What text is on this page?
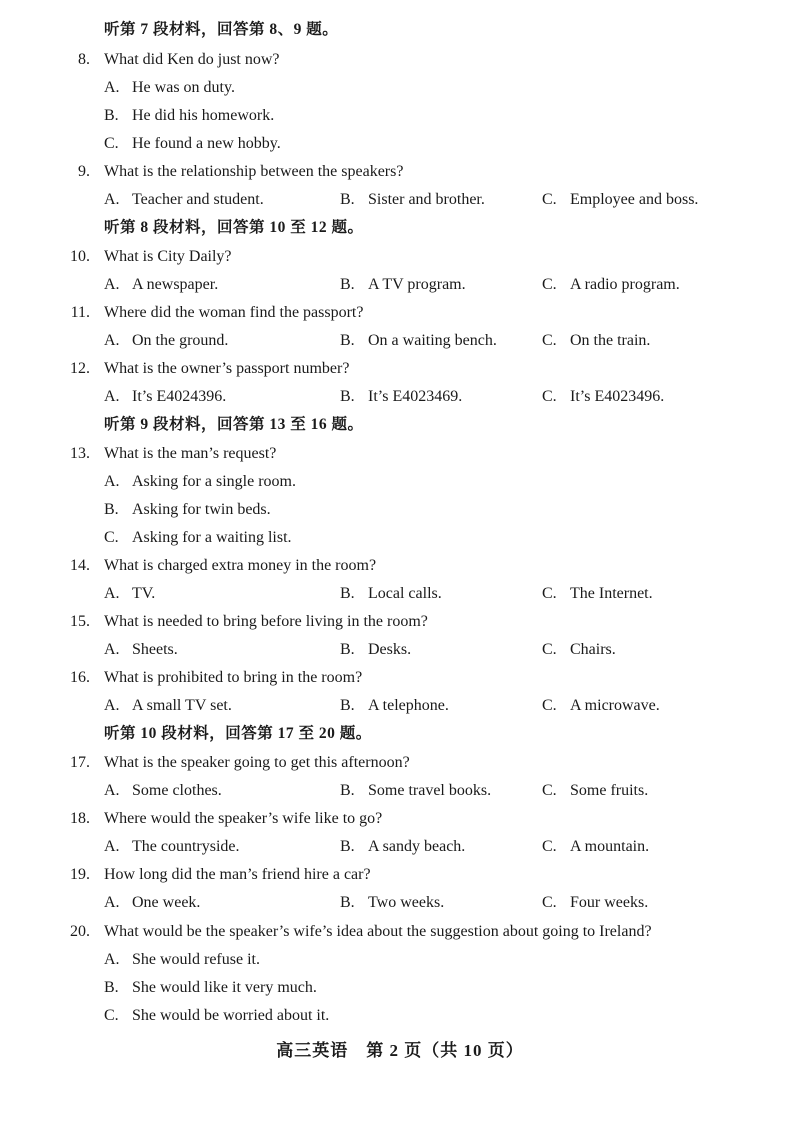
听第 7 段材料，回答第 8、9 题。
8. What did Ken do just now?
A. He was on duty.
B. He did his homework.
C. He found a new hobby.
9. What is the relationship between the speakers?
A. Teacher and student.	B. Sister and brother.	C. Employee and boss.
听第 8 段材料，回答第 10 至 12 题。
10. What is City Daily?
A. A newspaper.	B. A TV program.	C. A radio program.
11. Where did the woman find the passport?
A. On the ground.	B. On a waiting bench.	C. On the train.
12. What is the owner’s passport number?
A. It’s E4024396.	B. It’s E4023469.	C. It’s E4023496.
听第 9 段材料，回答第 13 至 16 题。
13. What is the man’s request?
A. Asking for a single room.
B. Asking for twin beds.
C. Asking for a waiting list.
14. What is charged extra money in the room?
A. TV.	B. Local calls.	C. The Internet.
15. What is needed to bring before living in the room?
A. Sheets.	B. Desks.	C. Chairs.
16. What is prohibited to bring in the room?
A. A small TV set.	B. A telephone.	C. A microwave.
听第 10 段材料，回答第 17 至 20 题。
17. What is the speaker going to get this afternoon?
A. Some clothes.	B. Some travel books.	C. Some fruits.
18. Where would the speaker’s wife like to go?
A. The countryside.	B. A sandy beach.	C. A mountain.
19. How long did the man’s friend hire a car?
A. One week.	B. Two weeks.	C. Four weeks.
20. What would be the speaker’s wife’s idea about the suggestion about going to Ireland?
A. She would refuse it.
B. She would like it very much.
C. She would be worried about it.
高三英语　第 2 页（共 10 页）
